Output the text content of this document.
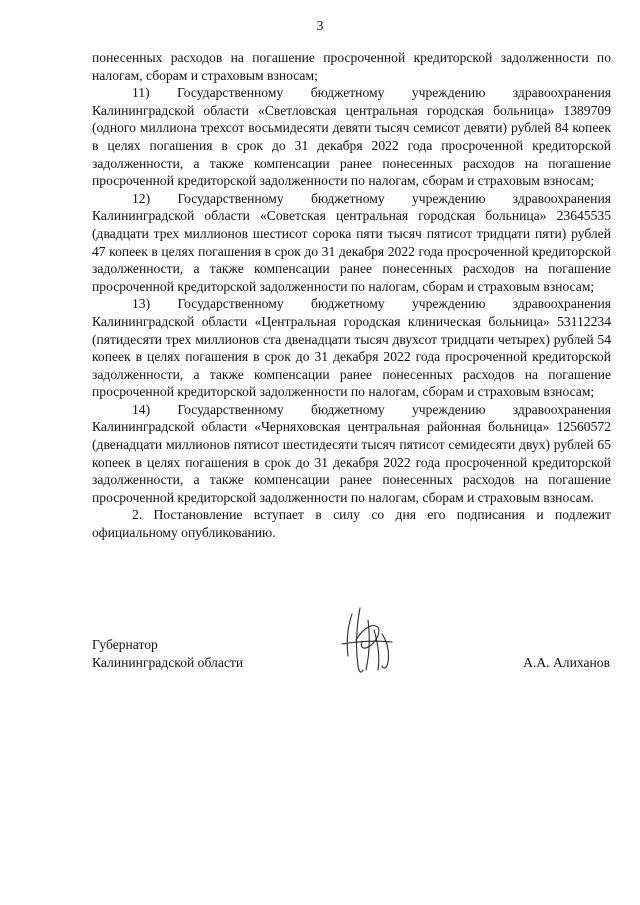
3

понесенных расходов на погашение просроченной кредиторской задолженности по налогам, сборам и страховым взносам;

11) Государственному бюджетному учреждению здравоохранения Калининградской области «Светловская центральная городская больница» 1389709 (одного миллиона трехсот восьмидесяти девяти тысяч семисот девяти) рублей 84 копеек в целях погашения в срок до 31 декабря 2022 года просроченной кредиторской задолженности, а также компенсации ранее понесенных расходов на погашение просроченной кредиторской задолженности по налогам, сборам и страховым взносам;

12) Государственному бюджетному учреждению здравоохранения Калининградской области «Советская центральная городская больница» 23645535 (двадцати трех миллионов шестисот сорока пяти тысяч пятисот тридцати пяти) рублей 47 копеек в целях погашения в срок до 31 декабря 2022 года просроченной кредиторской задолженности, а также компенсации ранее понесенных расходов на погашение просроченной кредиторской задолженности по налогам, сборам и страховым взносам;

13) Государственному бюджетному учреждению здравоохранения Калининградской области «Центральная городская клиническая больница» 53112234 (пятидесяти трех миллионов ста двенадцати тысяч двухсот тридцати четырех) рублей 54 копеек в целях погашения в срок до 31 декабря 2022 года просроченной кредиторской задолженности, а также компенсации ранее понесенных расходов на погашение просроченной кредиторской задолженности по налогам, сборам и страховым взносам;

14) Государственному бюджетному учреждению здравоохранения Калининградской области «Черняховская центральная районная больница» 12560572 (двенадцати миллионов пятисот шестидесяти тысяч пятисот семидесяти двух) рублей 65 копеек в целях погашения в срок до 31 декабря 2022 года просроченной кредиторской задолженности, а также компенсации ранее понесенных расходов на погашение просроченной кредиторской задолженности по налогам, сборам и страховым взносам.

2. Постановление вступает в силу со дня его подписания и подлежит официальному опубликованию.

Губернатор
Калининградской области	А.А. Алиханов
